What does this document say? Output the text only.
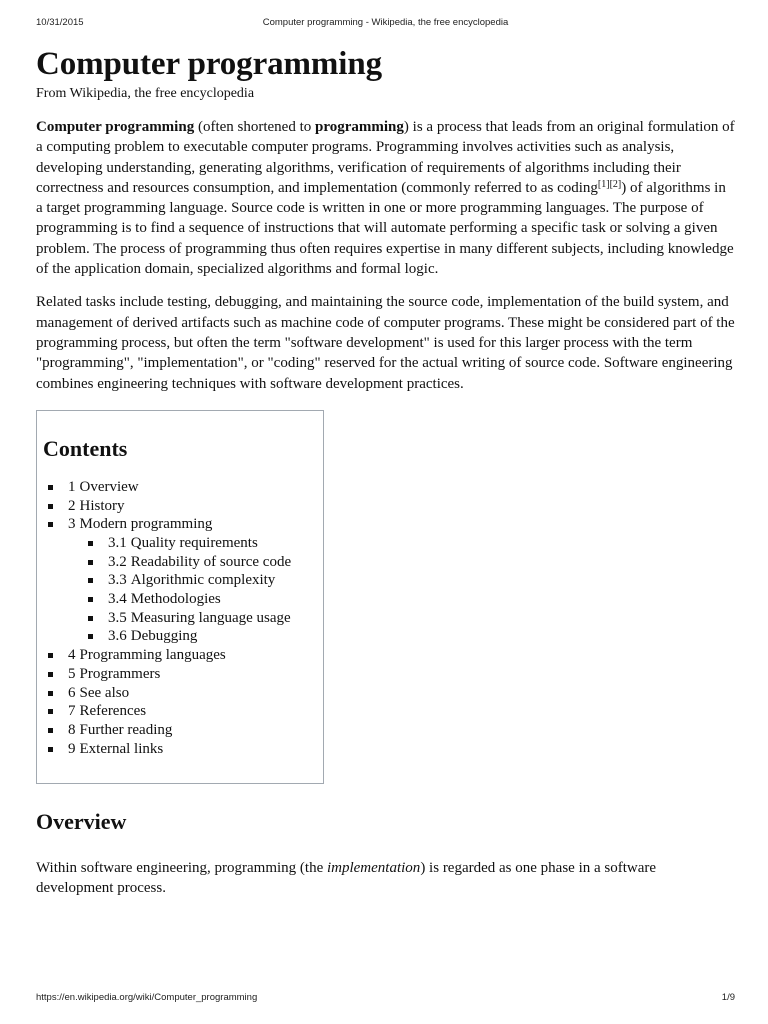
10/31/2015	Computer programming - Wikipedia, the free encyclopedia
Computer programming
From Wikipedia, the free encyclopedia

Computer programming (often shortened to programming) is a process that leads from an original formulation of a computing problem to executable computer programs. Programming involves activities such as analysis, developing understanding, generating algorithms, verification of requirements of algorithms including their correctness and resources consumption, and implementation (commonly referred to as coding[1][2]) of algorithms in a target programming language. Source code is written in one or more programming languages. The purpose of programming is to find a sequence of instructions that will automate performing a specific task or solving a given problem. The process of programming thus often requires expertise in many different subjects, including knowledge of the application domain, specialized algorithms and formal logic.

Related tasks include testing, debugging, and maintaining the source code, implementation of the build system, and management of derived artifacts such as machine code of computer programs. These might be considered part of the programming process, but often the term "software development" is used for this larger process with the term "programming", "implementation", or "coding" reserved for the actual writing of source code. Software engineering combines engineering techniques with software development practices.

Contents
1 Overview
2 History
3 Modern programming
3.1 Quality requirements
3.2 Readability of source code
3.3 Algorithmic complexity
3.4 Methodologies
3.5 Measuring language usage
3.6 Debugging
4 Programming languages
5 Programmers
6 See also
7 References
8 Further reading
9 External links
Overview

Within software engineering, programming (the implementation) is regarded as one phase in a software development process.

https://en.wikipedia.org/wiki/Computer_programming	1/9
